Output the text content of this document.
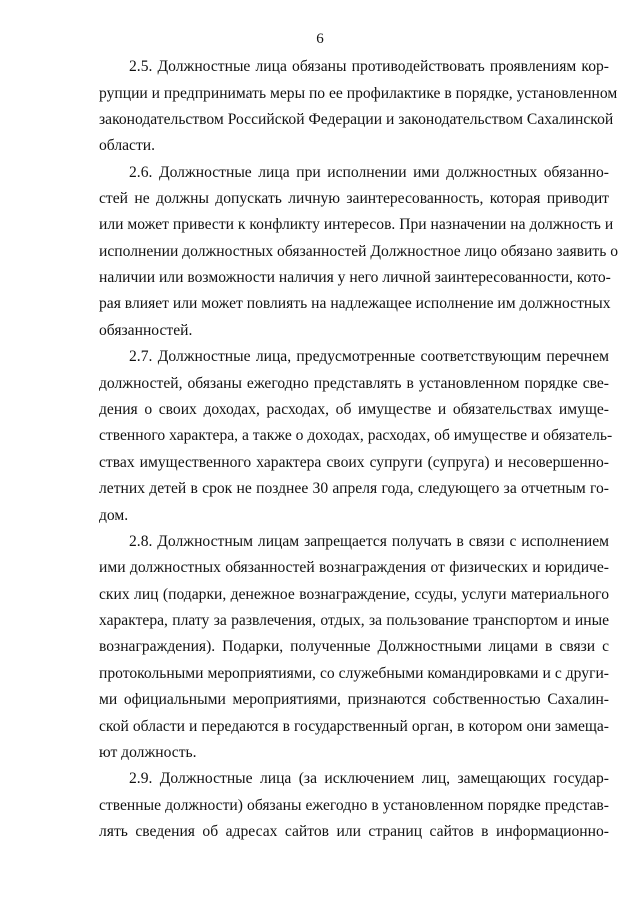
6
2.5. Должностные лица обязаны противодействовать проявлениям кор-
рупции и предпринимать меры по ее профилактике в порядке, установленном
законодательством Российской Федерации и законодательством Сахалинской
области.
2.6. Должностные лица при исполнении ими должностных обязанно-
стей не должны допускать личную заинтересованность, которая приводит
или может привести к конфликту интересов. При назначении на должность и
исполнении должностных обязанностей Должностное лицо обязано заявить о
наличии или возможности наличия у него личной заинтересованности, кото-
рая влияет или может повлиять на надлежащее исполнение им должностных
обязанностей.
2.7. Должностные лица, предусмотренные соответствующим перечнем
должностей, обязаны ежегодно представлять в установленном порядке све-
дения о своих доходах, расходах, об имуществе и обязательствах имуще-
ственного характера, а также о доходах, расходах, об имуществе и обязатель-
ствах имущественного характера своих супруги (супруга) и несовершенно-
летних детей в срок не позднее 30 апреля года, следующего за отчетным го-
дом.
2.8. Должностным лицам запрещается получать в связи с исполнением
ими должностных обязанностей вознаграждения от физических и юридиче-
ских лиц (подарки, денежное вознаграждение, ссуды, услуги материального
характера, плату за развлечения, отдых, за пользование транспортом и иные
вознаграждения). Подарки, полученные Должностными лицами в связи с
протокольными мероприятиями, со служебными командировками и с други-
ми официальными мероприятиями, признаются собственностью Сахалин-
ской области и передаются в государственный орган, в котором они замеща-
ют должность.
2.9. Должностные лица (за исключением лиц, замещающих государ-
ственные должности) обязаны ежегодно в установленном порядке представ-
лять сведения об адресах сайтов или страниц сайтов в информационно-
